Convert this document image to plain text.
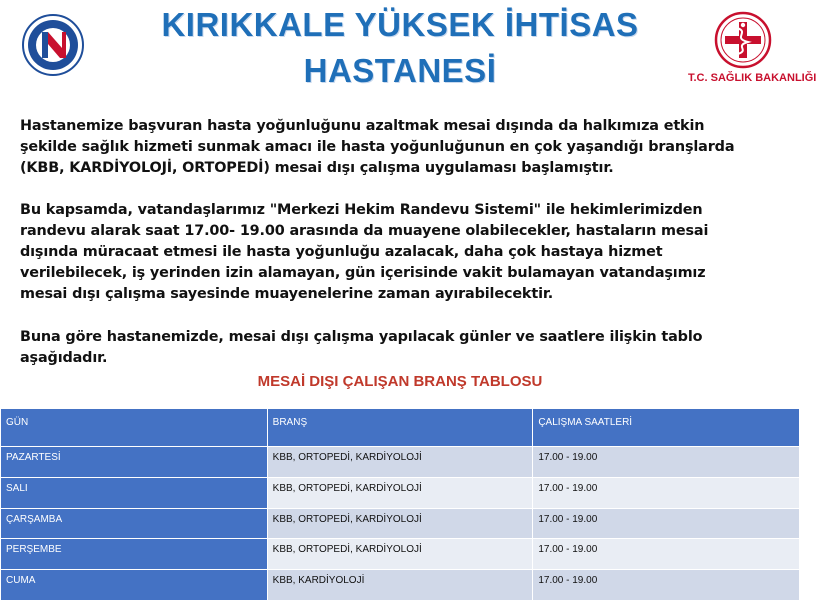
KIRIKKALE YÜKSEK İHTİSAS
HASTANESİ	T.C. SAĞLIK BAKANLIĞI
Hastanemize başvuran hasta yoğunluğunu azaltmak mesai dışında da halkımıza etkin
şekilde sağlık hizmeti sunmak amacı ile hasta yoğunluğunun en çok yaşandığı branşlarda
(KBB, KARDİYOLOJİ, ORTOPEDİ) mesai dışı çalışma uygulaması başlamıştır.
Bu kapsamda, vatandaşlarımız "Merkezi Hekim Randevu Sistemi" ile hekimlerimizden
randevu alarak saat 17.00- 19.00 arasında da muayene olabilecekler, hastaların mesai
dışında müracaat etmesi ile hasta yoğunluğu azalacak, daha çok hastaya hizmet
verilebilecek, iş yerinden izin alamayan, gün içerisinde vakit bulamayan vatandaşımız
mesai dışı çalışma sayesinde muayenelerine zaman ayırabilecektir.
Buna göre hastanemizde, mesai dışı çalışma yapılacak günler ve saatlere ilişkin tablo
aşağıdadır.
MESAİ DIŞI ÇALIŞAN BRANŞ TABLOSU
GÜN	BRANŞ	ÇALIŞMA SAATLERİ
PAZARTESİ	KBB, ORTOPEDİ, KARDİYOLOJİ	17.00 - 19.00
SALI	KBB, ORTOPEDİ, KARDİYOLOJİ	17.00 - 19.00
ÇARŞAMBA	KBB, ORTOPEDİ, KARDİYOLOJİ	17.00 - 19.00
PERŞEMBE	KBB, ORTOPEDİ, KARDİYOLOJİ	17.00 - 19.00
CUMA	KBB, KARDİYOLOJİ	17.00 - 19.00
